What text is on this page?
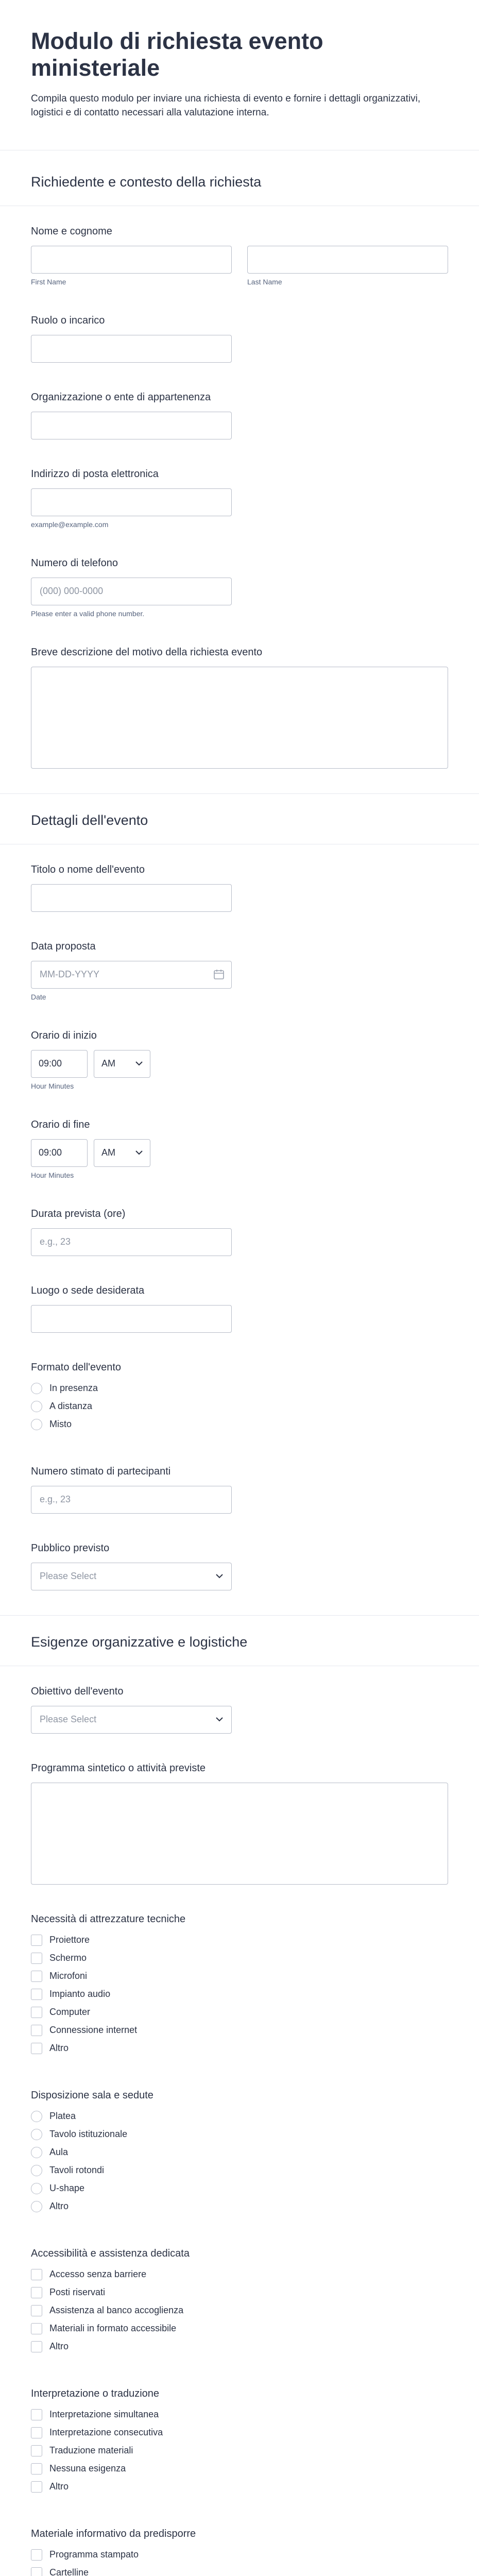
Modulo di richiesta evento ministeriale

Compila questo modulo per inviare una richiesta di evento e fornire i dettagli organizzativi, logistici e di contatto necessari alla valutazione interna.

Richiedente e contesto della richiesta
Nome e cognome
First Name	Last Name
Ruolo o incarico
Organizzazione o ente di appartenenza
Indirizzo di posta elettronica
example@example.com
Numero di telefono
(000) 000-0000
Please enter a valid phone number.
Breve descrizione del motivo della richiesta evento
Dettagli dell'evento
Titolo o nome dell'evento
Data proposta
MM-DD-YYYY
Date
Orario di inizio
09:00	AM
Hour Minutes
Orario di fine
09:00	AM
Hour Minutes
Durata prevista (ore)
e.g., 23
Luogo o sede desiderata
Formato dell'evento
In presenza
A distanza
Misto
Numero stimato di partecipanti
e.g., 23
Pubblico previsto
Please Select
Esigenze organizzative e logistiche
Obiettivo dell'evento
Please Select
Programma sintetico o attività previste
Necessità di attrezzature tecniche
Proiettore
Schermo
Microfoni
Impianto audio
Computer
Connessione internet
Altro
Disposizione sala e sedute
Platea
Tavolo istituzionale
Aula
Tavoli rotondi
U-shape
Altro
Accessibilità e assistenza dedicata
Accesso senza barriere
Posti riservati
Assistenza al banco accoglienza
Materiali in formato accessibile
Altro
Interpretazione o traduzione
Interpretazione simultanea
Interpretazione consecutiva
Traduzione materiali
Nessuna esigenza
Altro
Materiale informativo da predisporre
Programma stampato
Cartelline
